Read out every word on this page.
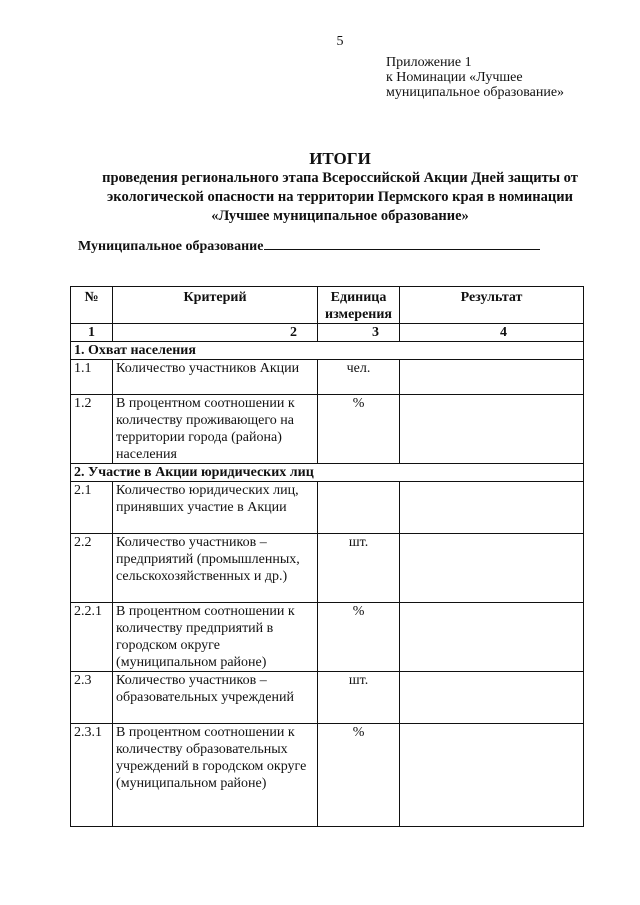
5
Приложение 1
к Номинации «Лучшее
муниципальное образование»
ИТОГИ
проведения регионального этапа Всероссийской Акции Дней защиты от
экологической опасности на территории Пермского края в номинации
«Лучшее муниципальное образование»
Муниципальное образование
№	Критерий	Единица измерения	Результат
1	2	3	4
1. Охват населения			
1.1	Количество участников Акции	чел.	
1.2	В процентном соотношении к количеству проживающего на территории города (района) населения	%	
2. Участие в Акции юридических лиц			
2.1	Количество юридических лиц, принявших участие в Акции		
2.2	Количество участников – предприятий (промышленных, сельскохозяйственных и др.)	шт.	
2.2.1	В процентном соотношении к количеству предприятий в городском округе (муниципальном районе)	%	
2.3	Количество участников – образовательных учреждений	шт.	
2.3.1	В процентном соотношении к количеству образовательных учреждений в городском округе (муниципальном районе)	%	
